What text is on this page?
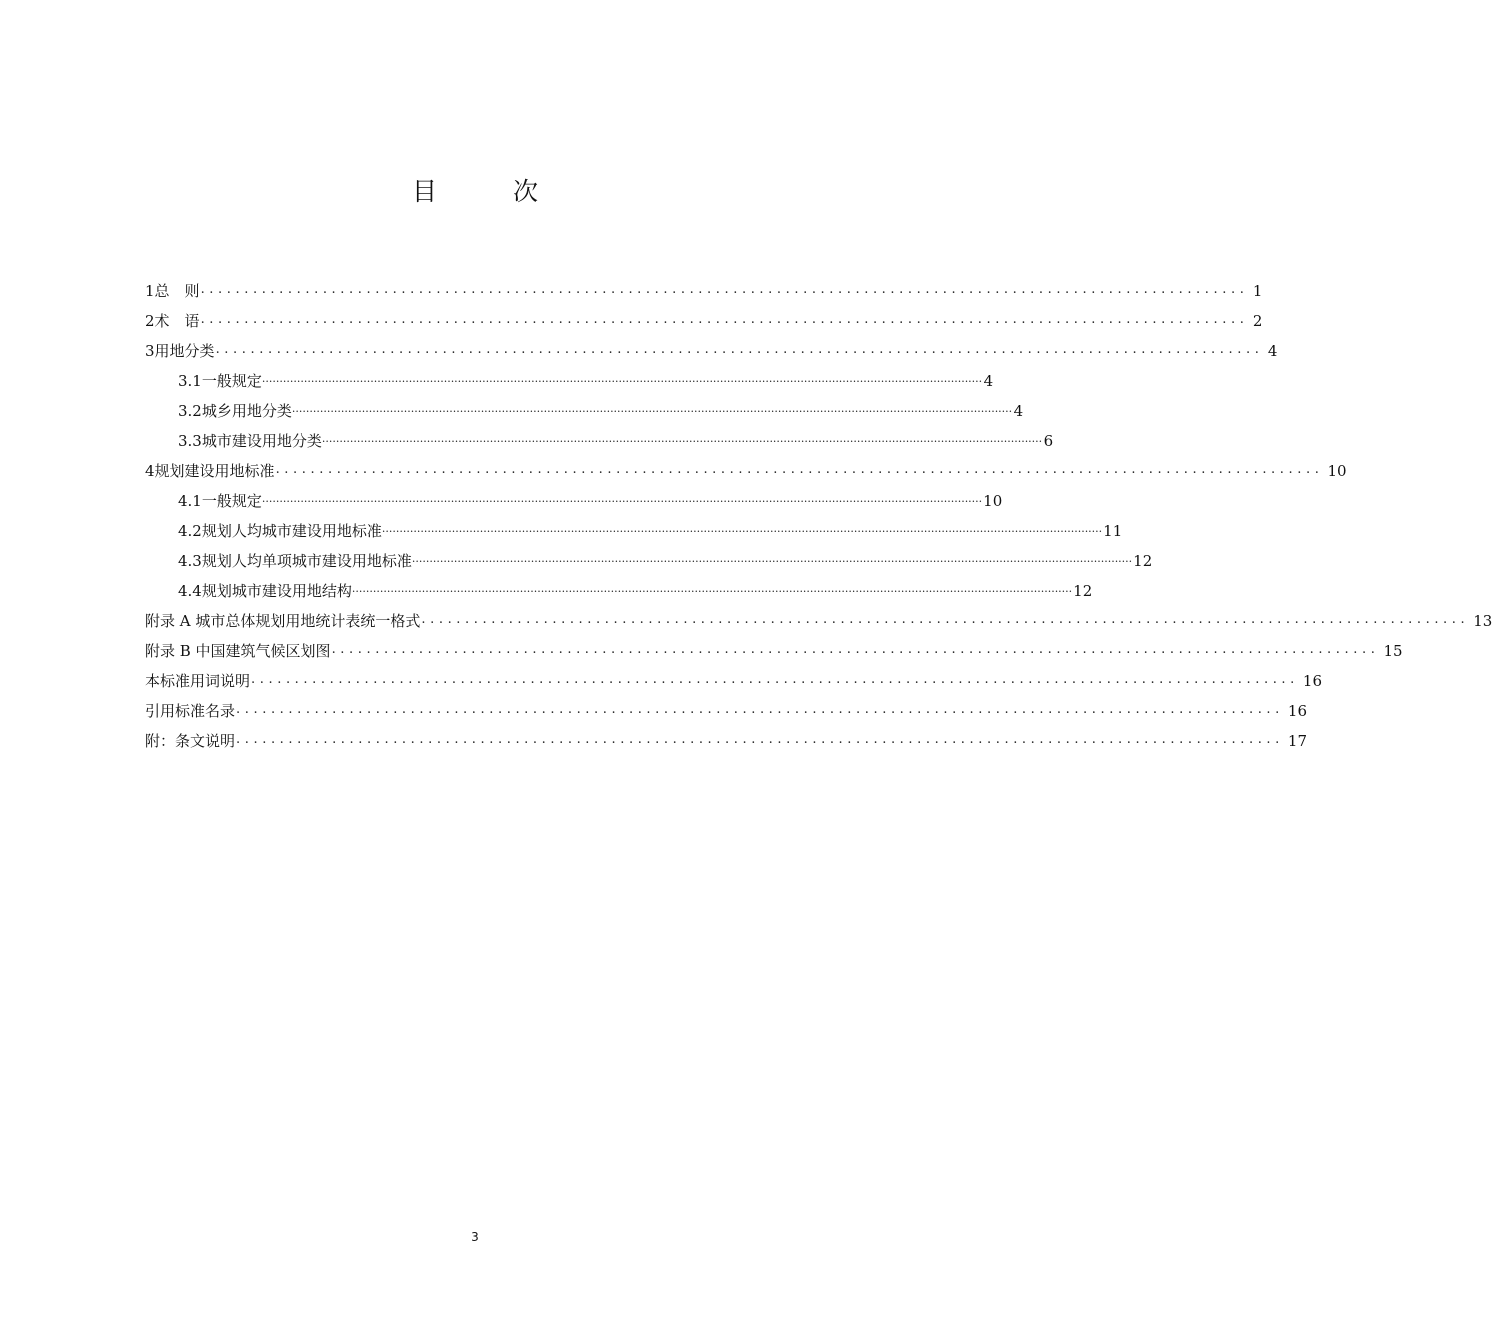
目	次
1 总　则 ........................................................................................................................ 1
2 术　语 ........................................................................................................................ 2
3 用地分类 ........................................................................................................................ 4
3.1 一般规定 .............................................................................................................................................................................................................. 4
3.2 城乡用地分类 .............................................................................................................................................................................................................. 4
3.3 城市建设用地分类 .............................................................................................................................................................................................................. 6
4 规划建设用地标准 ........................................................................................................................ 10
4.1 一般规定 .............................................................................................................................................................................................................. 10
4.2 规划人均城市建设用地标准 .............................................................................................................................................................................................................. 11
4.3 规划人均单项城市建设用地标准 .............................................................................................................................................................................................................. 12
4.4 规划城市建设用地结构 .............................................................................................................................................................................................................. 12
附录 A 城市总体规划用地统计表统一格式 ........................................................................................................................ 13
附录 B 中国建筑气候区划图 ........................................................................................................................ 15
本标准用词说明 ........................................................................................................................ 16
引用标准名录 ........................................................................................................................ 16
附：条文说明 ........................................................................................................................ 17
3
